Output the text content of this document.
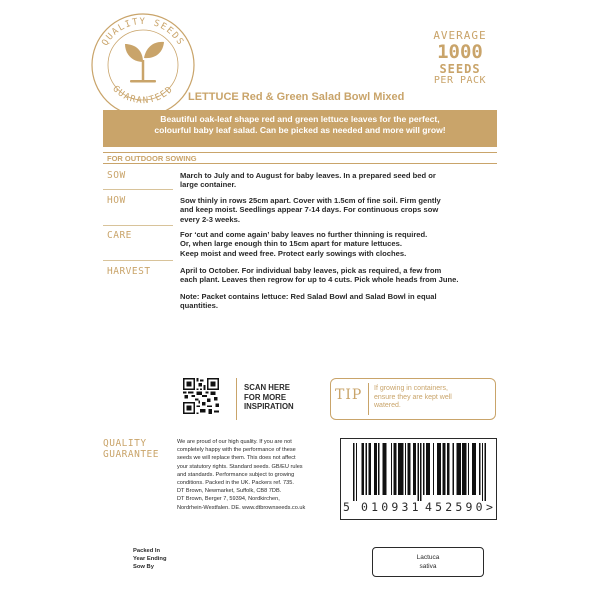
QUALITY SEEDS
GUARANTEED
LETTUCE Red & Green Salad Bowl Mixed
AVERAGE
1000
SEEDS
PER PACK
Beautiful oak-leaf shape red and green lettuce leaves for the perfect,
colourful baby leaf salad. Can be picked as needed and more will grow!
FOR OUTDOOR SOWING
SOW	March to July and to August for baby leaves. In a prepared seed bed or
large container.
HOW	Sow thinly in rows 25cm apart. Cover with 1.5cm of fine soil. Firm gently
and keep moist. Seedlings appear 7-14 days. For continuous crops sow
every 2-3 weeks.
CARE	For ‘cut and come again’ baby leaves no further thinning is required.
Or, when large enough thin to 15cm apart for mature lettuces.
Keep moist and weed free. Protect early sowings with cloches.
HARVEST	April to October. For individual baby leaves, pick as required, a few from
each plant. Leaves then regrow for up to 4 cuts. Pick whole heads from June.
Note: Packet contains lettuce: Red Salad Bowl and Salad Bowl in equal
quantities.
SCAN HERE
FOR MORE
INSPIRATION
TIP	If growing in containers,
ensure they are kept well
watered.
QUALITY
GUARANTEE
We are proud of our high quality. If you are not
completely happy with the performance of these
seeds we will replace them. This does not affect
your statutory rights. Standard seeds. GB/EU rules
and standards. Performance subject to growing
conditions. Packed in the UK. Packers ref. 735.
DT Brown, Newmarket, Suffolk, CB8 7DB.
DT Brown, Berger 7, 59394, Nordkirchen,
Nordrhein-Westfalen. DE. www.dtbrownseeds.co.uk	5 010931 452590 >
Packed In
Year Ending
Sow By
Lactuca
sativa
